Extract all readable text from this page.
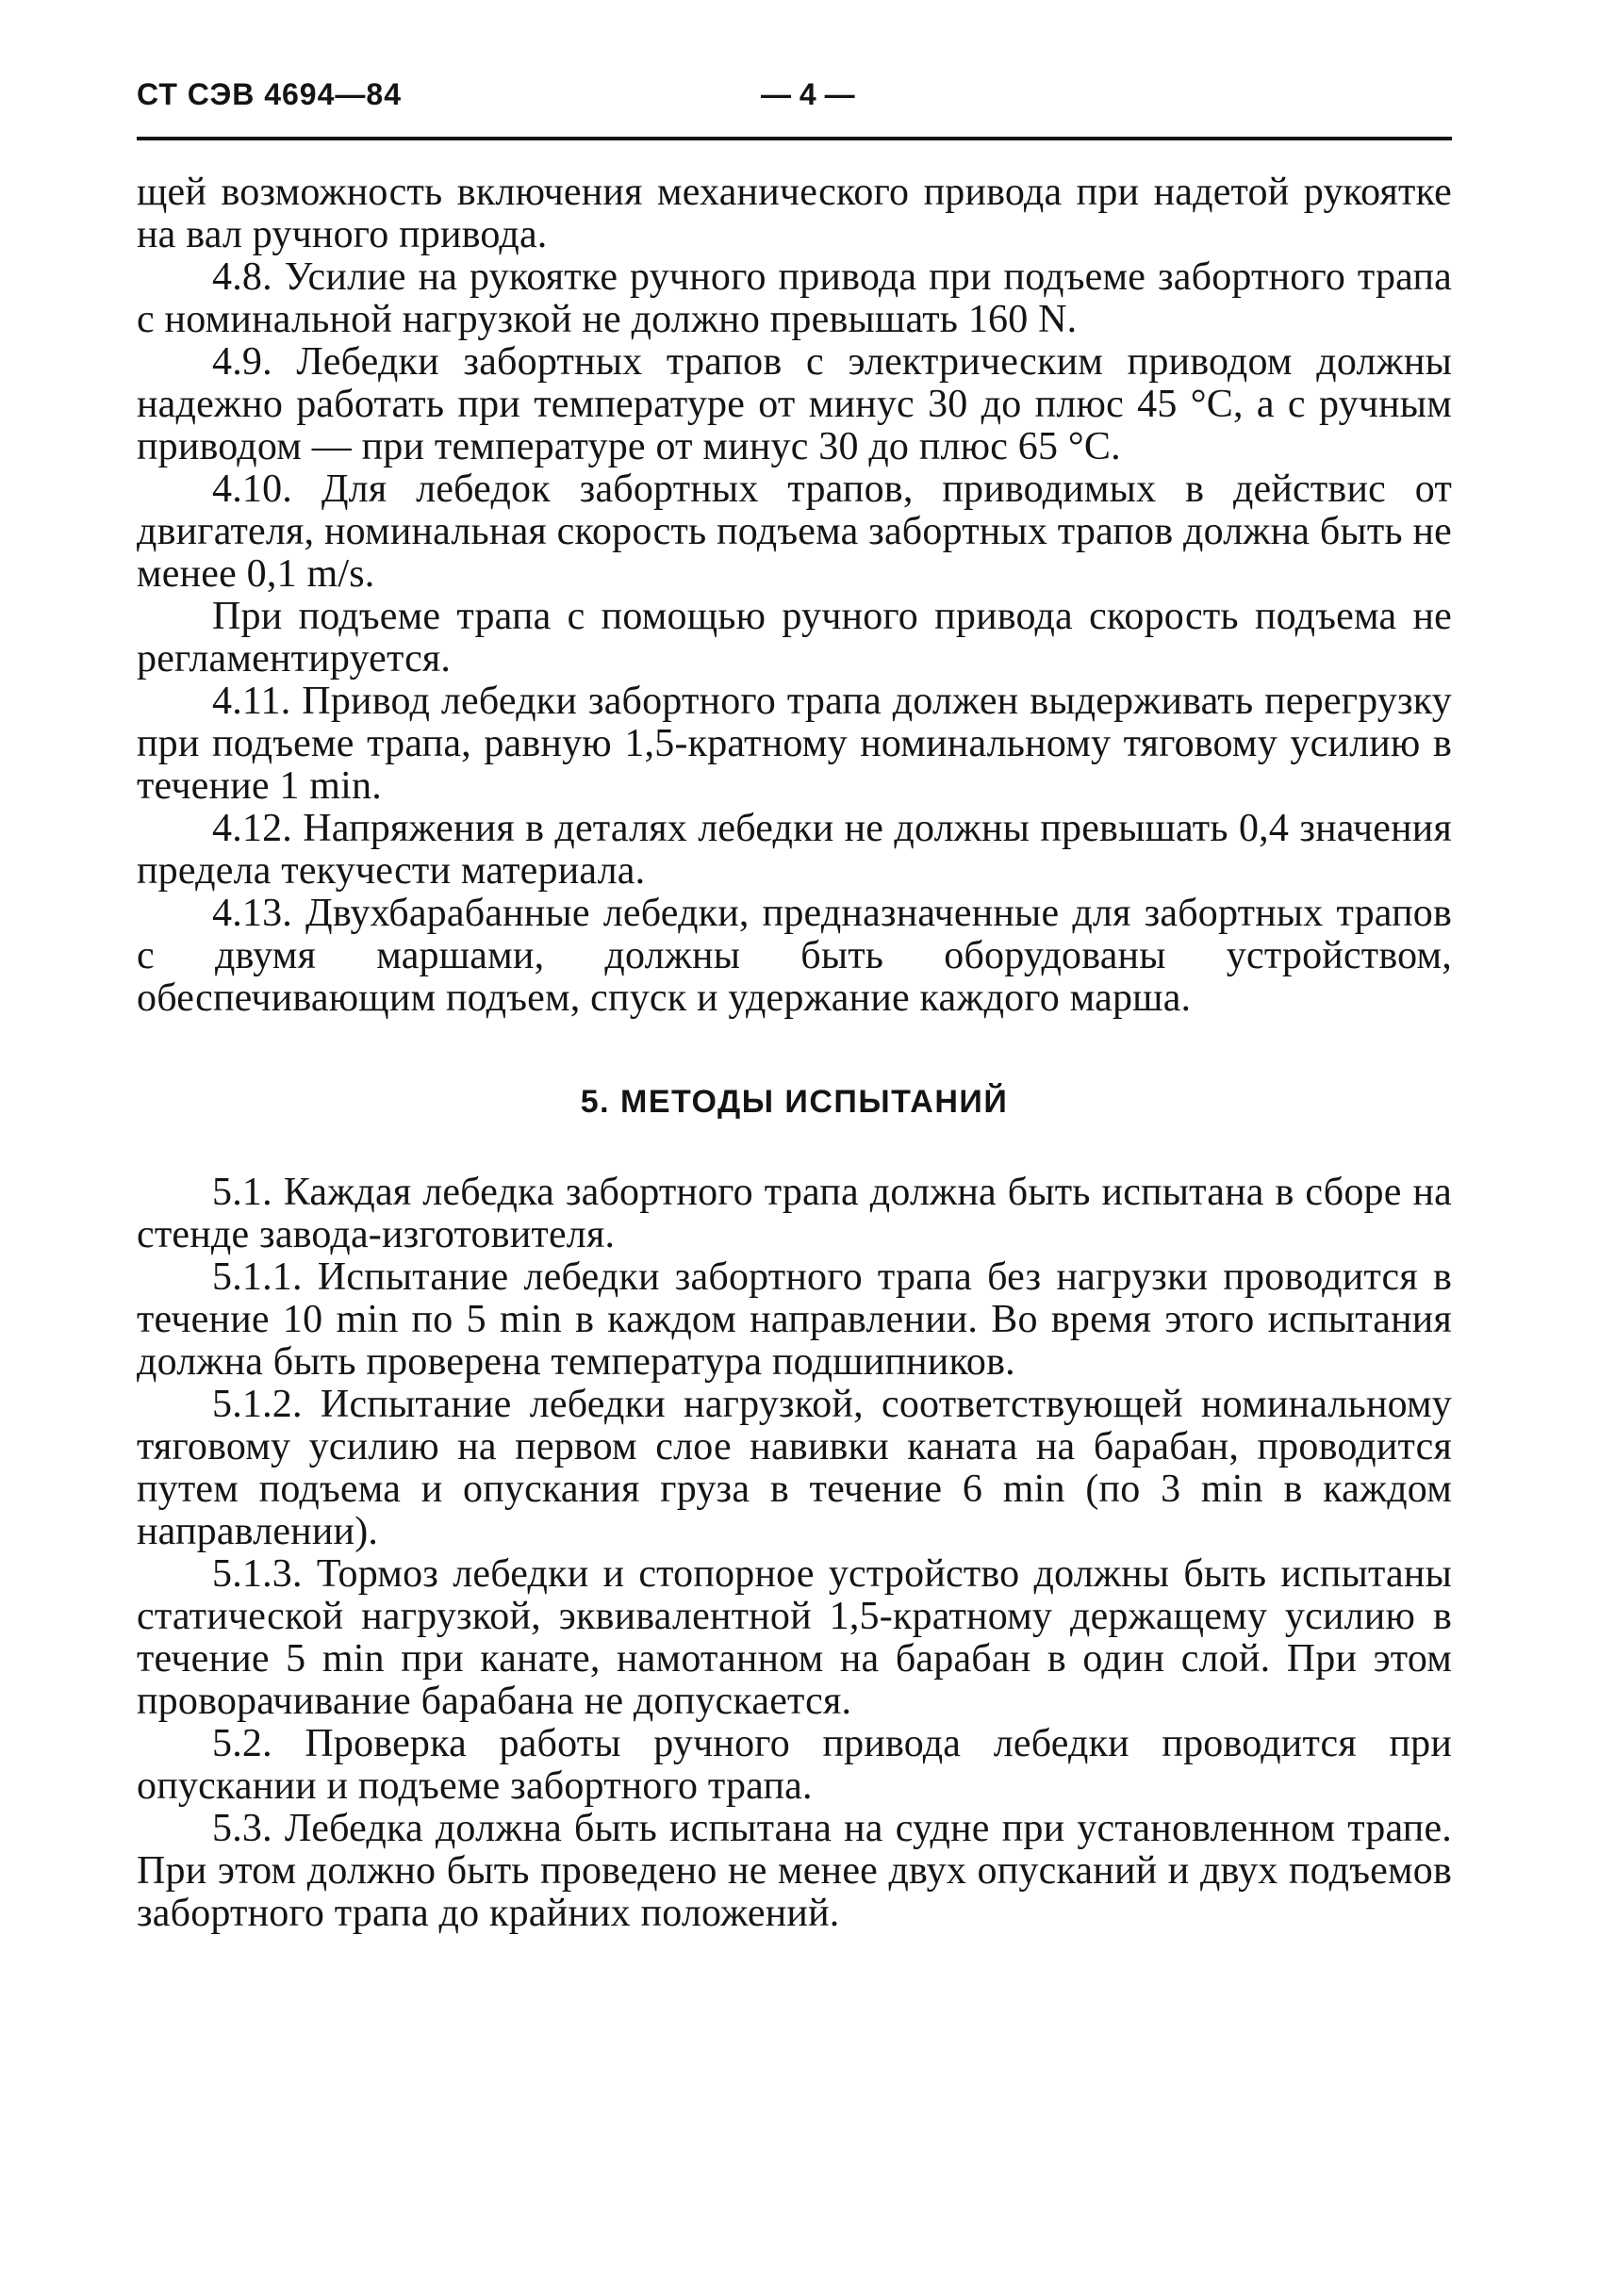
СТ СЭВ 4694—84	— 4 —

щей возможность включения механического привода при надетой рукоятке на вал ручного привода.

4.8. Усилие на рукоятке ручного привода при подъеме забортного трапа с номинальной нагрузкой не должно превышать 160 N.

4.9. Лебедки забортных трапов с электрическим приводом должны надежно работать при температуре от минус 30 до плюс 45 °С, а с ручным приводом — при температуре от минус 30 до плюс 65 °С.

4.10. Для лебедок забортных трапов, приводимых в действис от двигателя, номинальная скорость подъема забортных трапов должна быть не менее 0,1 m/s.

При подъеме трапа с помощью ручного привода скорость подъема не регламентируется.

4.11. Привод лебедки забортного трапа должен выдерживать перегрузку при подъеме трапа, равную 1,5-кратному номинальному тяговому усилию в течение 1 min.

4.12. Напряжения в деталях лебедки не должны превышать 0,4 значения предела текучести материала.

4.13. Двухбарабанные лебедки, предназначенные для забортных трапов с двумя маршами, должны быть оборудованы устройством, обеспечивающим подъем, спуск и удержание каждого марша.

5. МЕТОДЫ ИСПЫТАНИЙ

5.1. Каждая лебедка забортного трапа должна быть испытана в сборе на стенде завода-изготовителя.

5.1.1. Испытание лебедки забортного трапа без нагрузки проводится в течение 10 min по 5 min в каждом направлении. Во время этого испытания должна быть проверена температура подшипников.

5.1.2. Испытание лебедки нагрузкой, соответствующей номинальному тяговому усилию на первом слое навивки каната на барабан, проводится путем подъема и опускания груза в течение 6 min (по 3 min в каждом направлении).

5.1.3. Тормоз лебедки и стопорное устройство должны быть испытаны статической нагрузкой, эквивалентной 1,5-кратному держащему усилию в течение 5 min при канате, намотанном на барабан в один слой. При этом проворачивание барабана не допускается.

5.2. Проверка работы ручного привода лебедки проводится при опускании и подъеме забортного трапа.

5.3. Лебедка должна быть испытана на судне при установленном трапе. При этом должно быть проведено не менее двух опусканий и двух подъемов забортного трапа до крайних положений.
